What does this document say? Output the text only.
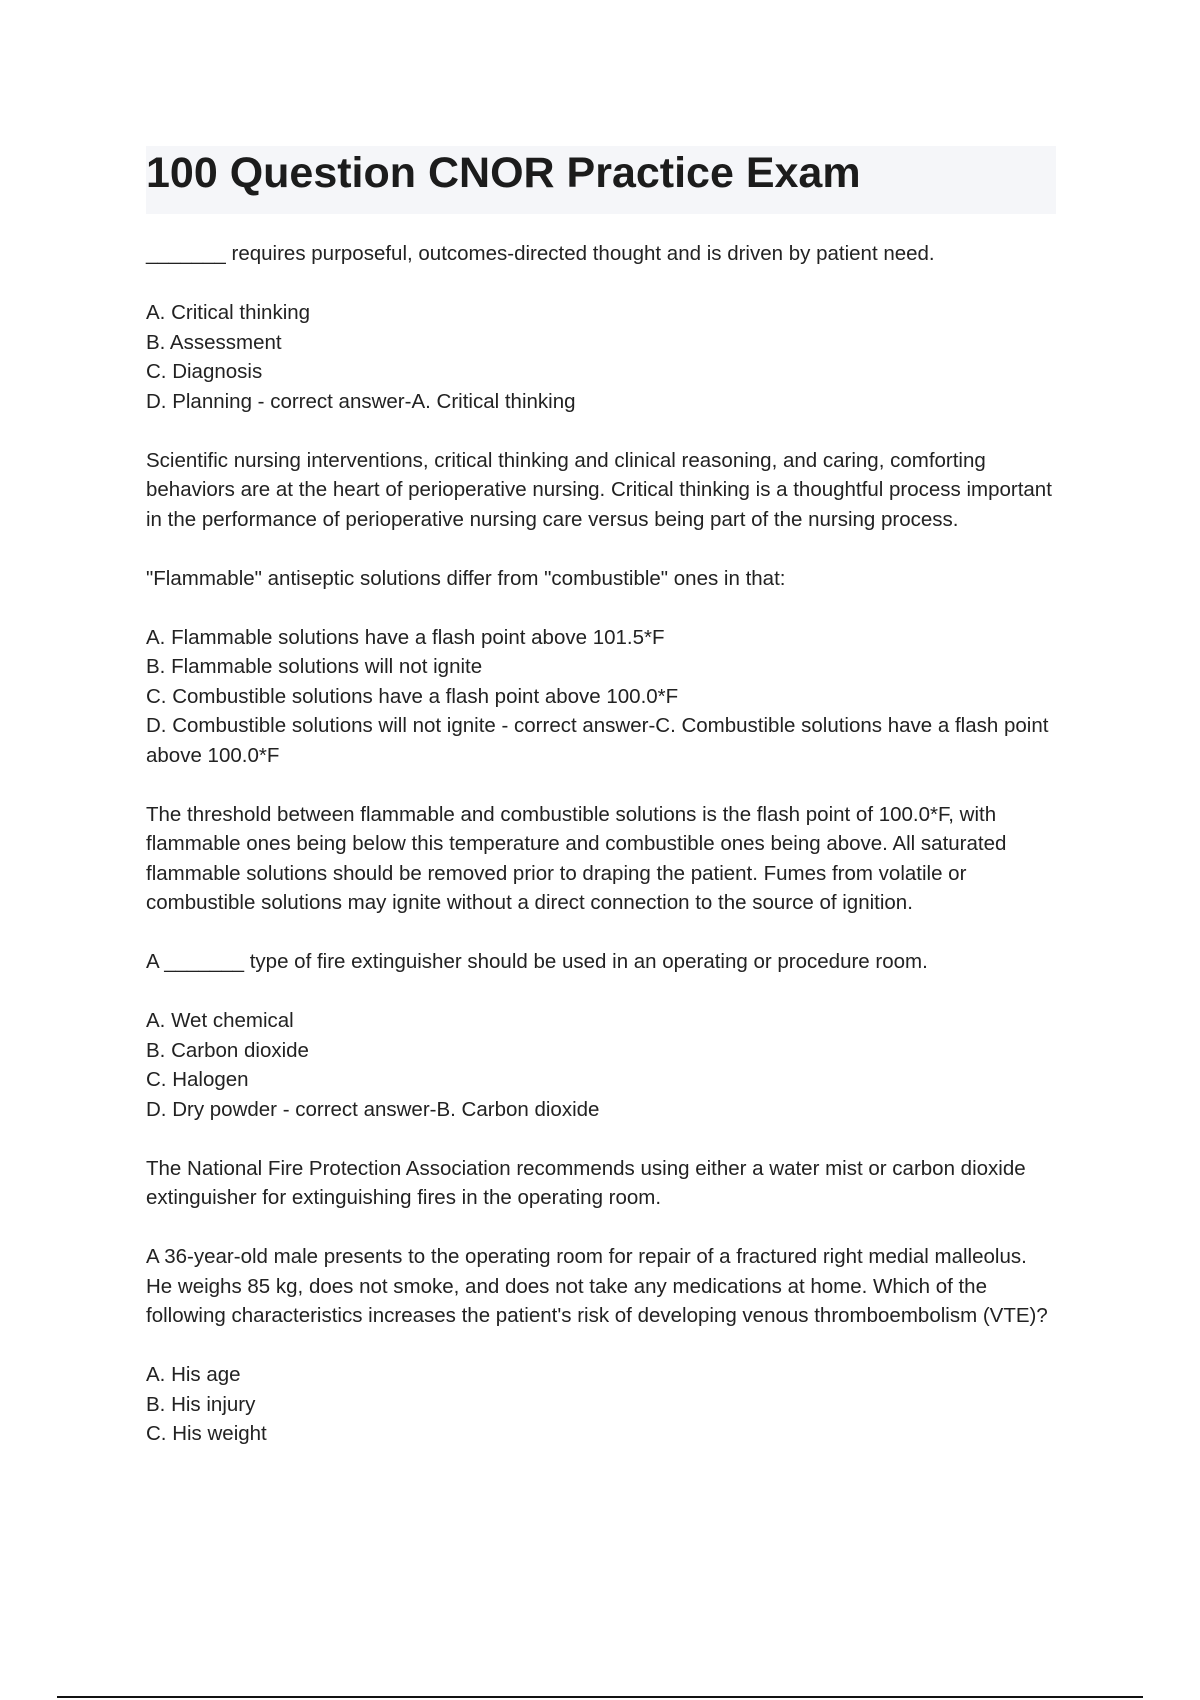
100 Question CNOR Practice Exam

_______ requires purposeful, outcomes-directed thought and is driven by patient need.

A. Critical thinking

B. Assessment

C. Diagnosis

D. Planning - correct answer-A. Critical thinking

Scientific nursing interventions, critical thinking and clinical reasoning, and caring, comforting behaviors are at the heart of perioperative nursing. Critical thinking is a thoughtful process important in the performance of perioperative nursing care versus being part of the nursing process.

"Flammable" antiseptic solutions differ from "combustible" ones in that:

A. Flammable solutions have a flash point above 101.5*F

B. Flammable solutions will not ignite

C. Combustible solutions have a flash point above 100.0*F

D. Combustible solutions will not ignite - correct answer-C. Combustible solutions have a flash point above 100.0*F

The threshold between flammable and combustible solutions is the flash point of 100.0*F, with flammable ones being below this temperature and combustible ones being above. All saturated flammable solutions should be removed prior to draping the patient. Fumes from volatile or combustible solutions may ignite without a direct connection to the source of ignition.

A _______ type of fire extinguisher should be used in an operating or procedure room.

A. Wet chemical

B. Carbon dioxide

C. Halogen

D. Dry powder - correct answer-B. Carbon dioxide

The National Fire Protection Association recommends using either a water mist or carbon dioxide extinguisher for extinguishing fires in the operating room.

A 36-year-old male presents to the operating room for repair of a fractured right medial malleolus. He weighs 85 kg, does not smoke, and does not take any medications at home. Which of the following characteristics increases the patient's risk of developing venous thromboembolism (VTE)?

A. His age

B. His injury

C. His weight
